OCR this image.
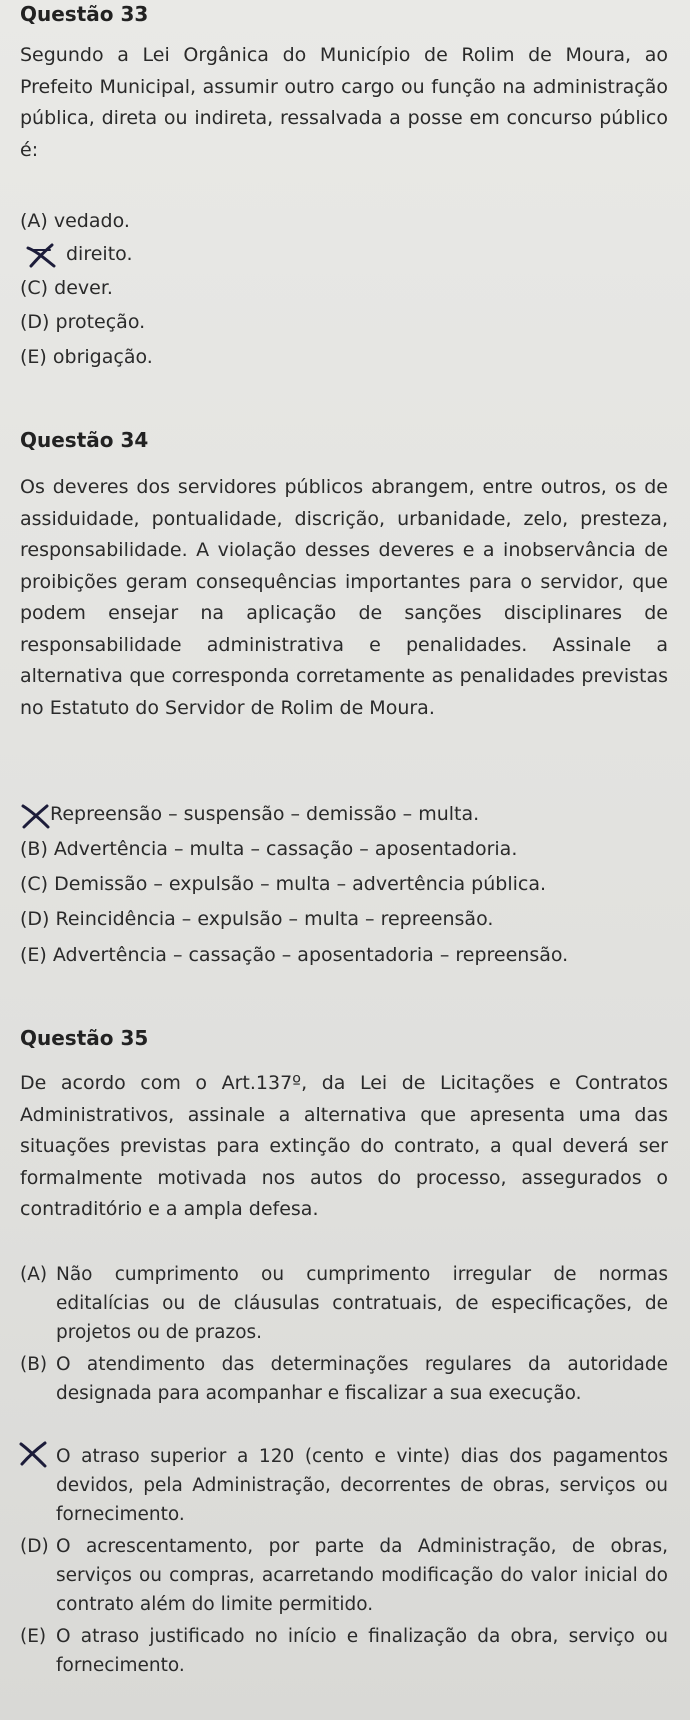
Questão 33

Segundo a Lei Orgânica do Município de Rolim de Moura, ao Prefeito Municipal, assumir outro cargo ou função na administração pública, direta ou indireta, ressalvada a posse em concurso público é:

(A) vedado.

direito.

(C) dever.

(D) proteção.

(E) obrigação.

Questão 34

Os deveres dos servidores públicos abrangem, entre outros, os de assiduidade, pontualidade, discrição, urbanidade, zelo, presteza, responsabilidade. A violação desses deveres e a inobservância de proibições geram consequências importantes para o servidor, que podem ensejar na aplicação de sanções disciplinares de responsabilidade administrativa e penalidades. Assinale a alternativa que corresponda corretamente as penalidades previstas no Estatuto do Servidor de Rolim de Moura.

Repreensão – suspensão – demissão – multa.

(B) Advertência – multa – cassação – aposentadoria.

(C) Demissão – expulsão – multa – advertência pública.

(D) Reincidência – expulsão – multa – repreensão.

(E) Advertência – cassação – aposentadoria – repreensão.

Questão 35

De acordo com o Art.137º, da Lei de Licitações e Contratos Administrativos, assinale a alternativa que apresenta uma das situações previstas para extinção do contrato, a qual deverá ser formalmente motivada nos autos do processo, assegurados o contraditório e a ampla defesa.

(A) Não cumprimento ou cumprimento irregular de normas editalícias ou de cláusulas contratuais, de especificações, de projetos ou de prazos.
(B) O atendimento das determinações regulares da autoridade designada para acompanhar e fiscalizar a sua execução.
O atraso superior a 120 (cento e vinte) dias dos pagamentos devidos, pela Administração, decorrentes de obras, serviços ou fornecimento.
(D) O acrescentamento, por parte da Administração, de obras, serviços ou compras, acarretando modificação do valor inicial do contrato além do limite permitido.
(E) O atraso justificado no início e finalização da obra, serviço ou fornecimento.
